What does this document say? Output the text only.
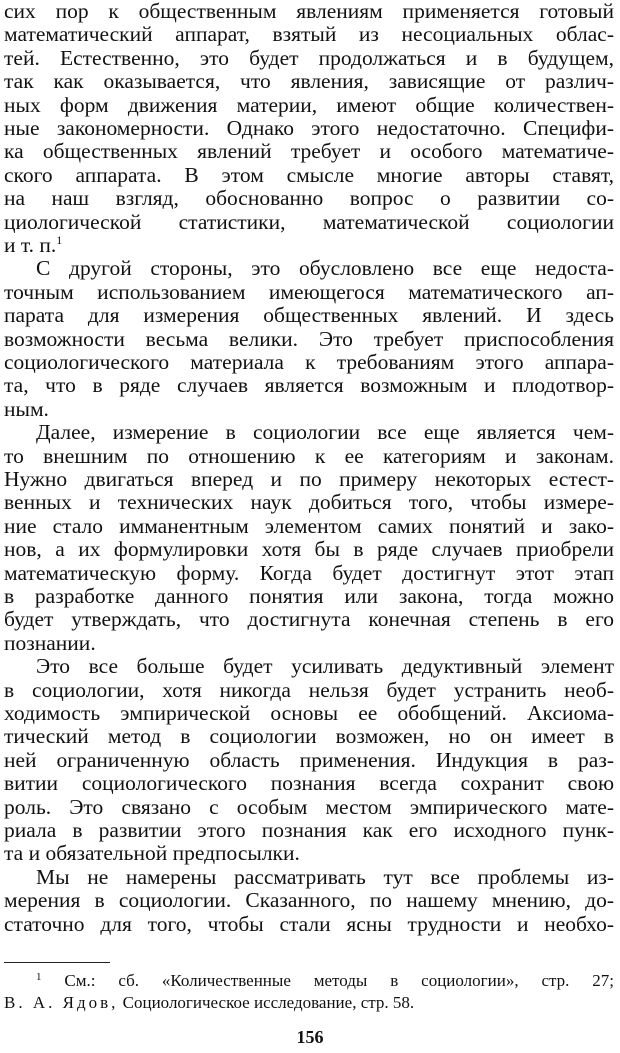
сих пор к общественным явлениям применяется готовый
математический аппарат, взятый из несоциальных облас-
тей. Естественно, это будет продолжаться и в будущем,
так как оказывается, что явления, зависящие от различ-
ных форм движения материи, имеют общие количествен-
ные закономерности. Однако этого недостаточно. Специфи-
ка общественных явлений требует и особого математиче-
ского аппарата. В этом смысле многие авторы ставят,
на наш взгляд, обоснованно вопрос о развитии со-
циологической статистики, математической социологии
и т. п.$^1$
С другой стороны, это обусловлено все еще недоста-
точным использованием имеющегося математического ап-
парата для измерения общественных явлений. И здесь
возможности весьма велики. Это требует приспособления
социологического материала к требованиям этого аппара-
та, что в ряде случаев является возможным и плодотвор-
ным.
Далее, измерение в социологии все еще является чем-
то внешним по отношению к ее категориям и законам.
Нужно двигаться вперед и по примеру некоторых естест-
венных и технических наук добиться того, чтобы измере-
ние стало имманентным элементом самих понятий и зако-
нов, а их формулировки хотя бы в ряде случаев приобрели
математическую форму. Когда будет достигнут этот этап
в разработке данного понятия или закона, тогда можно
будет утверждать, что достигнута конечная степень в его
познании.
Это все больше будет усиливать дедуктивный элемент
в социологии, хотя никогда нельзя будет устранить необ-
ходимость эмпирической основы ее обобщений. Аксиома-
тический метод в социологии возможен, но он имеет в
ней ограниченную область применения. Индукция в раз-
витии социологического познания всегда сохранит свою
роль. Это связано с особым местом эмпирического мате-
риала в развитии этого познания как его исходного пунк-
та и обязательной предпосылки.
Мы не намерены рассматривать тут все проблемы из-
мерения в социологии. Сказанного, по нашему мнению, до-
статочно для того, чтобы стали ясны трудности и необхо-
$^1$ См.: сб. «Количественные методы в социологии», стр. 27;
В. А. Ядов, Социологическое исследование, стр. 58.
156
